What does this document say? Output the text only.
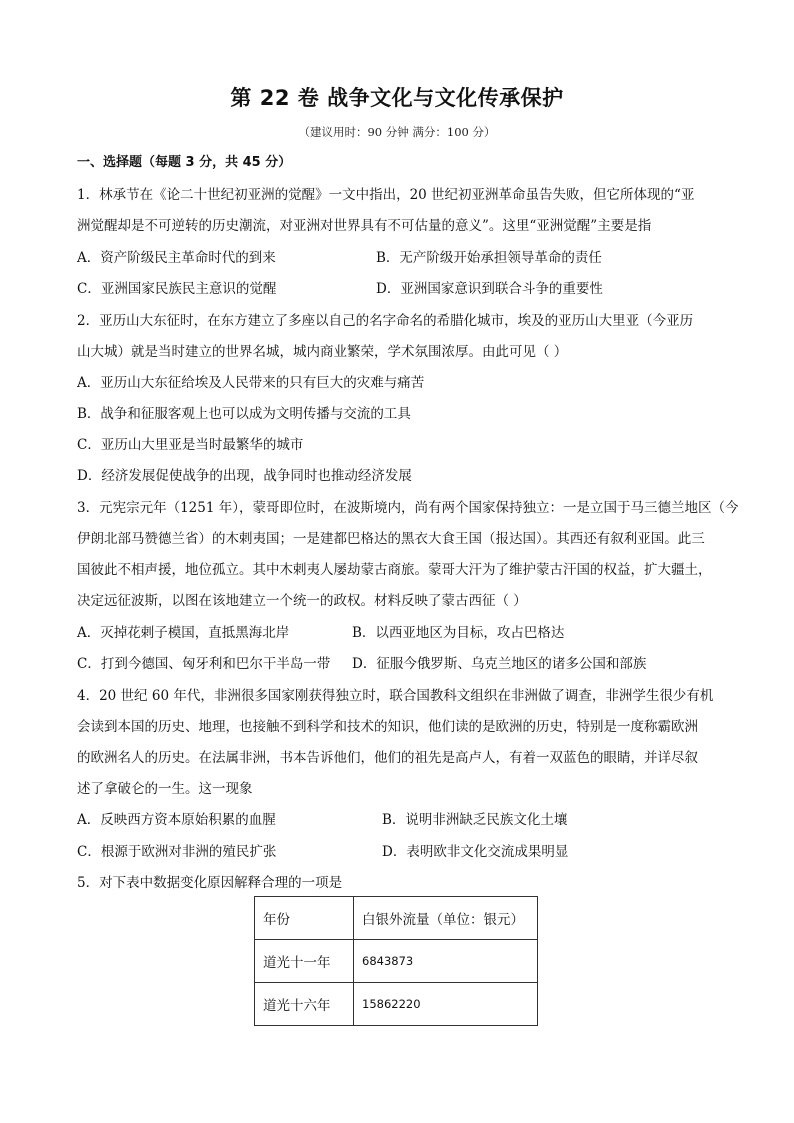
第 22 卷 战争文化与文化传承保护
（建议用时：90 分钟 满分：100 分）
一、选择题（每题 3 分，共 45 分）
1．林承节在《论二十世纪初亚洲的觉醒》一文中指出，20 世纪初亚洲革命虽告失败，但它所体现的“亚
洲觉醒却是不可逆转的历史潮流，对亚洲对世界具有不可估量的意义”。这里“亚洲觉醒”主要是指
A．资产阶级民主革命时代的到来	B．无产阶级开始承担领导革命的责任
C．亚洲国家民族民主意识的觉醒	D．亚洲国家意识到联合斗争的重要性
2．亚历山大东征时，在东方建立了多座以自己的名字命名的希腊化城市，埃及的亚历山大里亚（今亚历
山大城）就是当时建立的世界名城，城内商业繁荣，学术氛围浓厚。由此可见（ ）
A．亚历山大东征给埃及人民带来的只有巨大的灾难与痛苦
B．战争和征服客观上也可以成为文明传播与交流的工具
C．亚历山大里亚是当时最繁华的城市
D．经济发展促使战争的出现，战争同时也推动经济发展
3．元宪宗元年（1251 年），蒙哥即位时，在波斯境内，尚有两个国家保持独立：一是立国于马三德兰地区（今
伊朗北部马赞德兰省）的木剌夷国；一是建都巴格达的黑衣大食王国（报达国）。其西还有叙利亚国。此三
国彼此不相声援，地位孤立。其中木剌夷人屡劫蒙古商旅。蒙哥大汗为了维护蒙古汗国的权益，扩大疆土，
决定远征波斯，以图在该地建立一个统一的政权。材料反映了蒙古西征（ ）
A．灭掉花剌子模国，直抵黑海北岸	B．以西亚地区为目标，攻占巴格达
C．打到今德国、匈牙利和巴尔干半岛一带 D．征服今俄罗斯、乌克兰地区的诸多公国和部族
4．20 世纪 60 年代，非洲很多国家刚获得独立时，联合国教科文组织在非洲做了调查，非洲学生很少有机
会读到本国的历史、地理，也接触不到科学和技术的知识，他们读的是欧洲的历史，特别是一度称霸欧洲
的欧洲名人的历史。在法属非洲，书本告诉他们，他们的祖先是高卢人，有着一双蓝色的眼睛，并详尽叙
述了拿破仑的一生。这一现象
A．反映西方资本原始积累的血腥	B．说明非洲缺乏民族文化土壤
C．根源于欧洲对非洲的殖民扩张	D．表明欧非文化交流成果明显
5．对下表中数据变化原因解释合理的一项是
年份	白银外流量（单位：银元）
道光十一年	6843873
道光十六年	15862220
